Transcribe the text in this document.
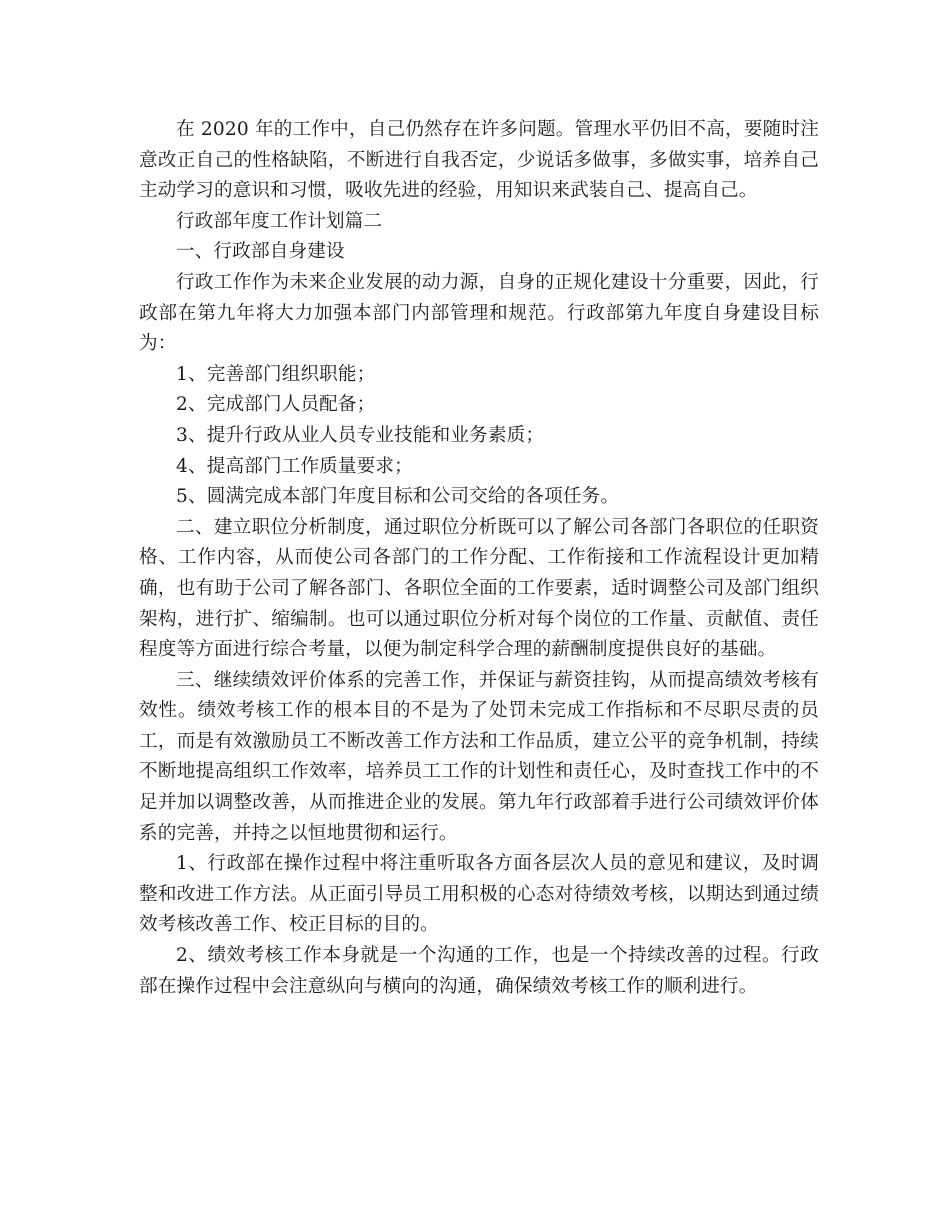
在 2020 年的工作中，自己仍然存在许多问题。管理水平仍旧不高，要随时注意改正自己的性格缺陷，不断进行自我否定，少说话多做事，多做实事，培养自己主动学习的意识和习惯，吸收先进的经验，用知识来武装自己、提高自己。

行政部年度工作计划篇二

一、行政部自身建设

行政工作作为未来企业发展的动力源，自身的正规化建设十分重要，因此，行政部在第九年将大力加强本部门内部管理和规范。行政部第九年度自身建设目标为：

1、完善部门组织职能；

2、完成部门人员配备；

3、提升行政从业人员专业技能和业务素质；

4、提高部门工作质量要求；

5、圆满完成本部门年度目标和公司交给的各项任务。

二、建立职位分析制度，通过职位分析既可以了解公司各部门各职位的任职资格、工作内容，从而使公司各部门的工作分配、工作衔接和工作流程设计更加精确，也有助于公司了解各部门、各职位全面的工作要素，适时调整公司及部门组织架构，进行扩、缩编制。也可以通过职位分析对每个岗位的工作量、贡献值、责任程度等方面进行综合考量，以便为制定科学合理的薪酬制度提供良好的基础。

三、继续绩效评价体系的完善工作，并保证与薪资挂钩，从而提高绩效考核有效性。绩效考核工作的根本目的不是为了处罚未完成工作指标和不尽职尽责的员工，而是有效激励员工不断改善工作方法和工作品质，建立公平的竞争机制，持续不断地提高组织工作效率，培养员工工作的计划性和责任心，及时查找工作中的不足并加以调整改善，从而推进企业的发展。第九年行政部着手进行公司绩效评价体系的完善，并持之以恒地贯彻和运行。

1、行政部在操作过程中将注重听取各方面各层次人员的意见和建议，及时调整和改进工作方法。从正面引导员工用积极的心态对待绩效考核，以期达到通过绩效考核改善工作、校正目标的目的。

2、绩效考核工作本身就是一个沟通的工作，也是一个持续改善的过程。行政部在操作过程中会注意纵向与横向的沟通，确保绩效考核工作的顺利进行。
